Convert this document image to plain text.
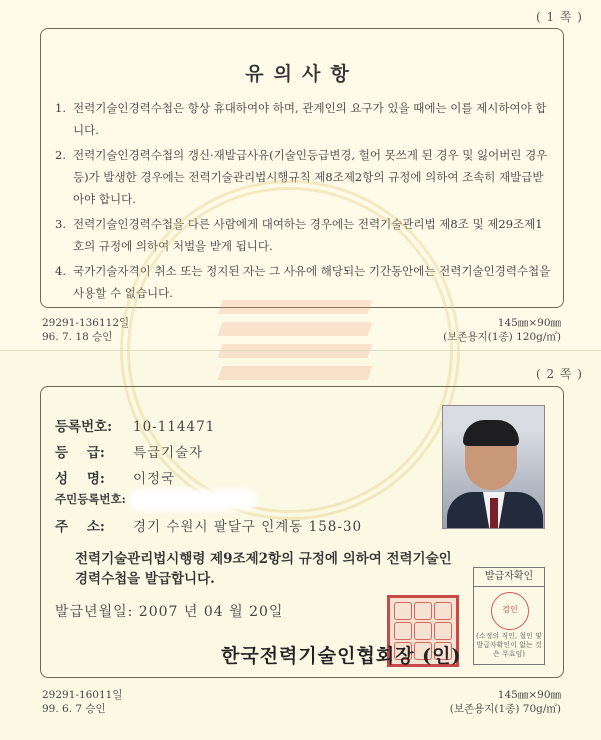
( 1 쪽 )
유의사항
1. 전력기술인경력수첩은 항상 휴대하여야 하며, 관계인의 요구가 있을 때에는 이를 제시하여야 합니다.
2. 전력기술인경력수첩의 갱신·재발급사유(기술인등급변경, 헐어 못쓰게 된 경우 및 잃어버린 경우 등)가 발생한 경우에는 전력기술관리법시행규칙 제8조제2항의 규정에 의하여 조속히 재발급받아야 합니다.
3. 전력기술인경력수첩을 다른 사람에게 대여하는 경우에는 전력기술관리법 제8조 및 제29조제1호의 규정에 의하여 처벌을 받게 됩니다.
4. 국가기술자격이 취소 또는 정지된 자는 그 사유에 해당되는 기간동안에는 전력기술인경력수첩을 사용할 수 없습니다.
29291-136112일
96. 7. 18 승인
145㎜×90㎜
(보존용지(1종) 120g/㎡)
( 2 쪽 )
등록번호: 10-114471
등    급: 특급기술자
성    명: 이정국
주민등록번호:
주    소: 경기 수원시 팔달구 인계동 158-30
전력기술관리법시행령 제9조제2항의 규정에 의하여 전력기술인
경력수첩을 발급합니다.
발급년월일: 2007 년 04 월 20일
발급자확인
검인
(소정의 직인, 철인 및 발급자확인이 없는 것은 무효임)
한국전력기술인협회장 (인)
29291-16011일
99. 6. 7 승인
145㎜×90㎜
(보존용지(1종) 70g/㎡)
